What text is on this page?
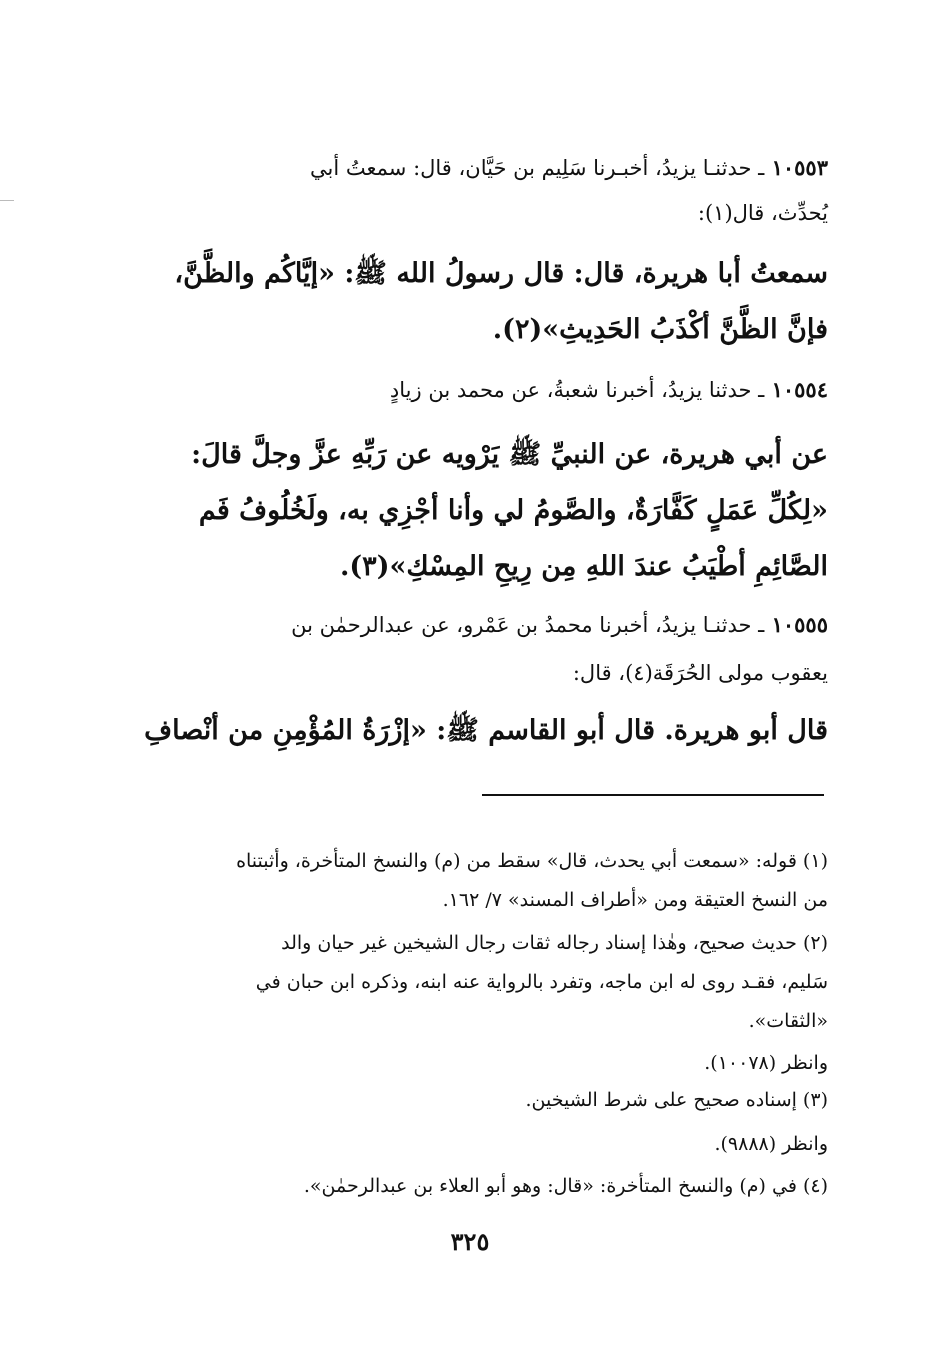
١٠٥٥٣ ـ حدثنـا يزيدُ، أخبـرنا سَلِيم بن حَيَّان، قال: سمعتُ أبي
يُحدِّث، قال(١):
سمعتُ أبا هريرة، قال: قال رسولُ الله ﷺ: «إيَّاكُم والظَّنَّ،
فإنَّ الظَّنَّ أكْذَبُ الحَدِيثِ»(٢).
١٠٥٥٤ ـ حدثنا يزيدُ، أخبرنا شعبةُ، عن محمد بن زيادٍ
عن أبي هريرة، عن النبيِّ ﷺ يَرْويه عن رَبِّهِ عزَّ وجلَّ قالَ:
«لِكُلِّ عَمَلٍ كَفَّارَةٌ، والصَّومُ لي وأنا أجْزِي به، ولَخُلُوفُ فَم
الصَّائِمِ أطْيَبُ عندَ اللهِ مِن رِيحِ المِسْكِ»(٣).
١٠٥٥٥ ـ حدثنـا يزيدُ، أخبرنا محمدُ بن عَمْرو، عن عبدالرحمٰن بن
يعقوب مولى الحُرَقَة(٤)، قال:
قال أبو هريرة. قال أبو القاسم ﷺ: «إزْرَةُ المُؤْمِنِ من أنْصافِ
(١) قوله: «سمعت أبي يحدث، قال» سقط من (م) والنسخ المتأخرة، وأثبتناه
من النسخ العتيقة ومن «أطراف المسند» ٧/ ١٦٢.
(٢) حديث صحيح، وهٰذا إسناد رجاله ثقات رجال الشيخين غير حيان والد
سَليم، فقـد روى له ابن ماجه، وتفرد بالرواية عنه ابنه، وذكره ابن حبان في
«الثقات».
وانظر (١٠٠٧٨).
(٣) إسناده صحيح على شرط الشيخين.
وانظر (٩٨٨٨).
(٤) في (م) والنسخ المتأخرة: «قال: وهو أبو العلاء بن عبدالرحمٰن».
٣٢٥
